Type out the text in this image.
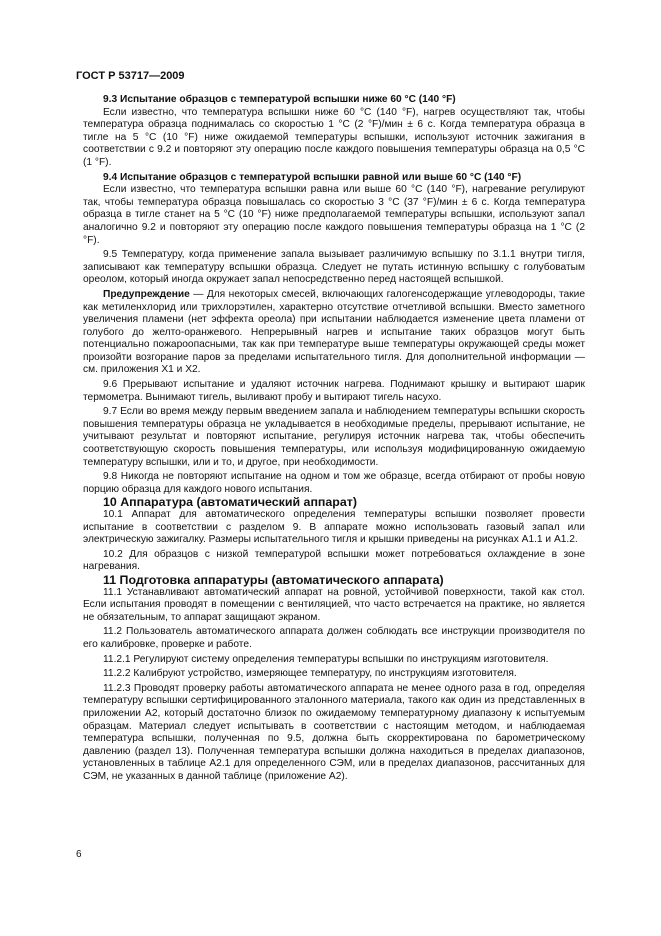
ГОСТ Р 53717—2009

9.3 Испытание образцов с температурой вспышки ниже 60 °С (140 °F)

Если известно, что температура вспышки ниже 60 °С (140 °F), нагрев осуществляют так, чтобы температура образца поднималась со скоростью 1 °С (2 °F)/мин ± 6 с. Когда температура образца в тигле на 5 °С (10 °F) ниже ожидаемой температуры вспышки, используют источник зажигания в соответствии с 9.2 и повторяют эту операцию после каждого повышения температуры образца на 0,5 °С (1 °F).

9.4 Испытание образцов с температурой вспышки равной или выше 60 °С (140 °F)

Если известно, что температура вспышки равна или выше 60 °С (140 °F), нагревание регулируют так, чтобы температура образца повышалась со скоростью 3 °С (37 °F)/мин ± 6 с. Когда температура образца в тигле станет на 5 °С (10 °F) ниже предполагаемой температуры вспышки, используют запал аналогично 9.2 и повторяют эту операцию после каждого повышения температуры образца на 1 °С (2 °F).

9.5 Температуру, когда применение запала вызывает различимую вспышку по 3.1.1 внутри тигля, записывают как температуру вспышки образца. Следует не путать истинную вспышку с голубоватым ореолом, который иногда окружает запал непосредственно перед настоящей вспышкой.

Предупреждение — Для некоторых смесей, включающих галогенсодержащие углеводороды, такие как метиленхлорид или трихлорэтилен, характерно отсутствие отчетливой вспышки. Вместо заметного увеличения пламени (нет эффекта ореола) при испытании наблюдается изменение цвета пламени от голубого до желто-оранжевого. Непрерывный нагрев и испытание таких образцов могут быть потенциально пожароопасными, так как при температуре выше температуры окружающей среды может произойти возгорание паров за пределами испытательного тигля. Для дополнительной информации — см. приложения Х1 и Х2.

9.6 Прерывают испытание и удаляют источник нагрева. Поднимают крышку и вытирают шарик термометра. Вынимают тигель, выливают пробу и вытирают тигель насухо.

9.7 Если во время между первым введением запала и наблюдением температуры вспышки скорость повышения температуры образца не укладывается в необходимые пределы, прерывают испытание, не учитывают результат и повторяют испытание, регулируя источник нагрева так, чтобы обеспечить соответствующую скорость повышения температуры, или используя модифицированную ожидаемую температуру вспышки, или и то, и другое, при необходимости.

9.8 Никогда не повторяют испытание на одном и том же образце, всегда отбирают от пробы новую порцию образца для каждого нового испытания.

10 Аппаратура (автоматический аппарат)

10.1 Аппарат для автоматического определения температуры вспышки позволяет провести испытание в соответствии с разделом 9. В аппарате можно использовать газовый запал или электрическую зажигалку. Размеры испытательного тигля и крышки приведены на рисунках А1.1 и А1.2.

10.2 Для образцов с низкой температурой вспышки может потребоваться охлаждение в зоне нагревания.

11 Подготовка аппаратуры (автоматического аппарата)

11.1 Устанавливают автоматический аппарат на ровной, устойчивой поверхности, такой как стол. Если испытания проводят в помещении с вентиляцией, что часто встречается на практике, но является не обязательным, то аппарат защищают экраном.

11.2 Пользователь автоматического аппарата должен соблюдать все инструкции производителя по его калибровке, проверке и работе.

11.2.1 Регулируют систему определения температуры вспышки по инструкциям изготовителя.

11.2.2 Калибруют устройство, измеряющее температуру, по инструкциям изготовителя.

11.2.3 Проводят проверку работы автоматического аппарата не менее одного раза в год, определяя температуру вспышки сертифицированного эталонного материала, такого как один из представленных в приложении А2, который достаточно близок по ожидаемому температурному диапазону к испытуемым образцам. Материал следует испытывать в соответствии с настоящим методом, и наблюдаемая температура вспышки, полученная по 9.5, должна быть скорректирована по барометрическому давлению (раздел 13). Полученная температура вспышки должна находиться в пределах диапазонов, установленных в таблице А2.1 для определенного СЭМ, или в пределах диапазонов, рассчитанных для СЭМ, не указанных в данной таблице (приложение А2).

6
